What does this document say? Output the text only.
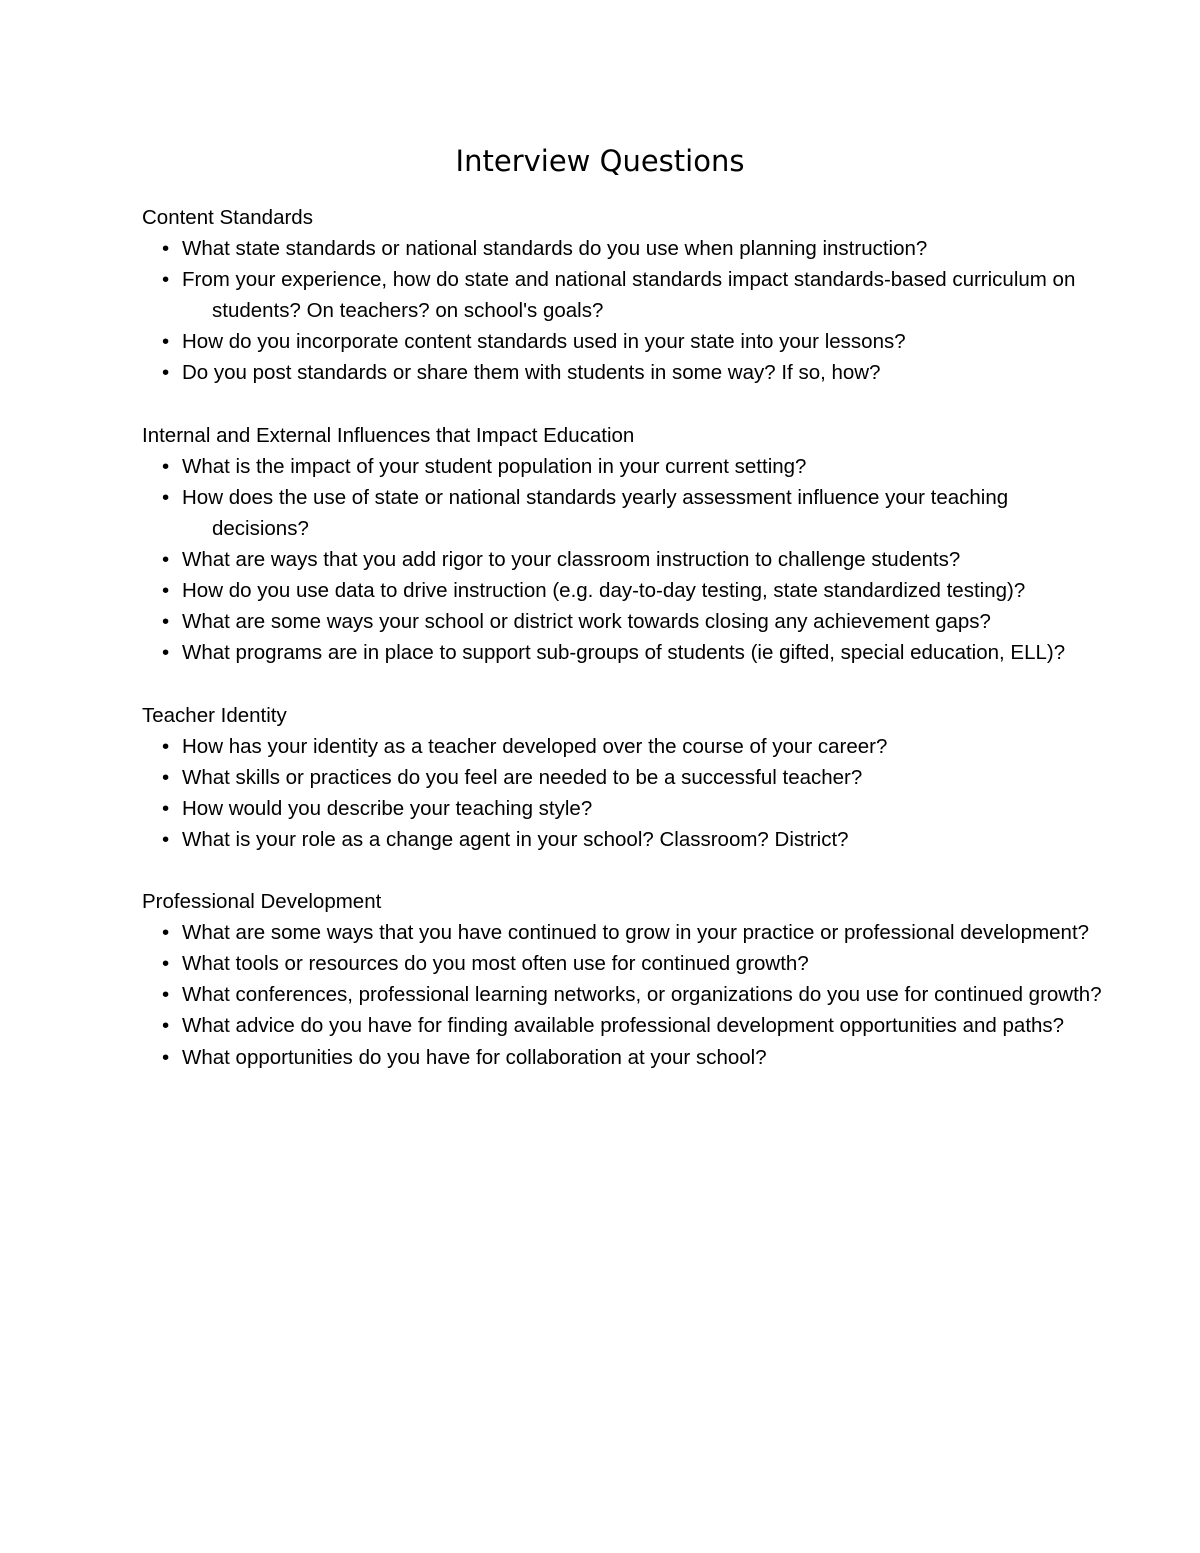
Interview Questions
Content Standards
• What state standards or national standards do you use when planning instruction?
• From your experience, how do state and national standards impact standards-based curriculum on students? On teachers? on school's goals?
• How do you incorporate content standards used in your state into your lessons?
• Do you post standards or share them with students in some way? If so, how?
Internal and External Influences that Impact Education
• What is the impact of your student population in your current setting?
• How does the use of state or national standards yearly assessment influence your teaching decisions?
• What are ways that you add rigor to your classroom instruction to challenge students?
• How do you use data to drive instruction (e.g. day-to-day testing, state standardized testing)?
• What are some ways your school or district work towards closing any achievement gaps?
• What programs are in place to support sub-groups of students (ie gifted, special education, ELL)?
Teacher Identity
• How has your identity as a teacher developed over the course of your career?
• What skills or practices do you feel are needed to be a successful teacher?
• How would you describe your teaching style?
• What is your role as a change agent in your school? Classroom? District?
Professional Development
• What are some ways that you have continued to grow in your practice or professional development?
• What tools or resources do you most often use for continued growth?
• What conferences, professional learning networks, or organizations do you use for continued growth?
• What advice do you have for finding available professional development opportunities and paths?
• What opportunities do you have for collaboration at your school?
